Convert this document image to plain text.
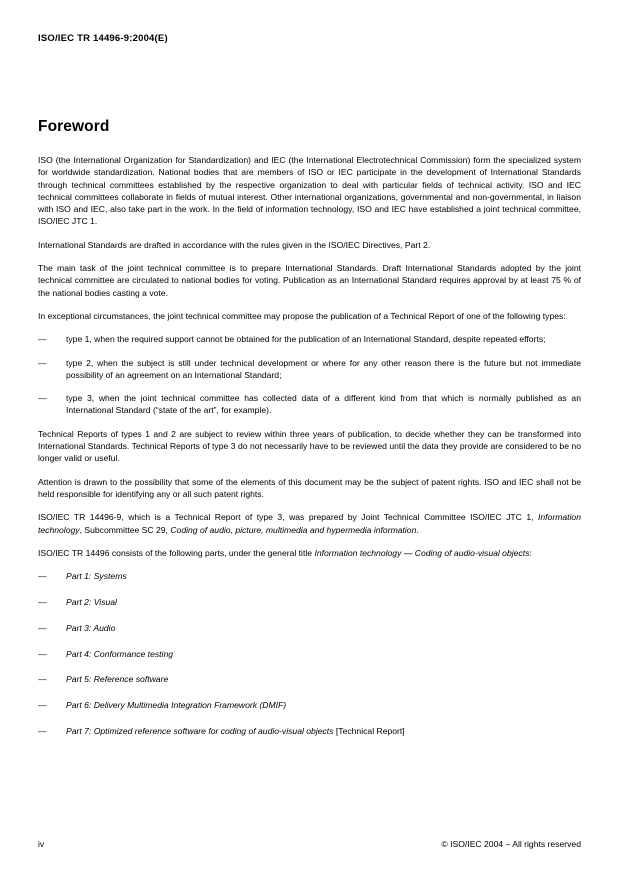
ISO/IEC TR 14496-9:2004(E)
Foreword

ISO (the International Organization for Standardization) and IEC (the International Electrotechnical Commission) form the specialized system for worldwide standardization. National bodies that are members of ISO or IEC participate in the development of International Standards through technical committees established by the respective organization to deal with particular fields of technical activity. ISO and IEC technical committees collaborate in fields of mutual interest. Other international organizations, governmental and non-governmental, in liaison with ISO and IEC, also take part in the work. In the field of information technology, ISO and IEC have established a joint technical committee, ISO/IEC JTC 1.

International Standards are drafted in accordance with the rules given in the ISO/IEC Directives, Part 2.

The main task of the joint technical committee is to prepare International Standards. Draft International Standards adopted by the joint technical committee are circulated to national bodies for voting. Publication as an International Standard requires approval by at least 75 % of the national bodies casting a vote.

In exceptional circumstances, the joint technical committee may propose the publication of a Technical Report of one of the following types:

— type 1, when the required support cannot be obtained for the publication of an International Standard, despite repeated efforts;
— type 2, when the subject is still under technical development or where for any other reason there is the future but not immediate possibility of an agreement on an International Standard;
— type 3, when the joint technical committee has collected data of a different kind from that which is normally published as an International Standard (“state of the art”, for example).

Technical Reports of types 1 and 2 are subject to review within three years of publication, to decide whether they can be transformed into International Standards. Technical Reports of type 3 do not necessarily have to be reviewed until the data they provide are considered to be no longer valid or useful.

Attention is drawn to the possibility that some of the elements of this document may be the subject of patent rights. ISO and IEC shall not be held responsible for identifying any or all such patent rights.

ISO/IEC TR 14496-9, which is a Technical Report of type 3, was prepared by Joint Technical Committee ISO/IEC JTC 1, Information technology, Subcommittee SC 29, Coding of audio, picture, multimedia and hypermedia information.

ISO/IEC TR 14496 consists of the following parts, under the general title Information technology — Coding of audio-visual objects:

— Part 1: Systems
— Part 2: Visual
— Part 3: Audio
— Part 4: Conformance testing
— Part 5: Reference software
— Part 6: Delivery Multimedia Integration Framework (DMIF)
— Part 7: Optimized reference software for coding of audio-visual objects [Technical Report]
iv	© ISO/IEC 2004 – All rights reserved
